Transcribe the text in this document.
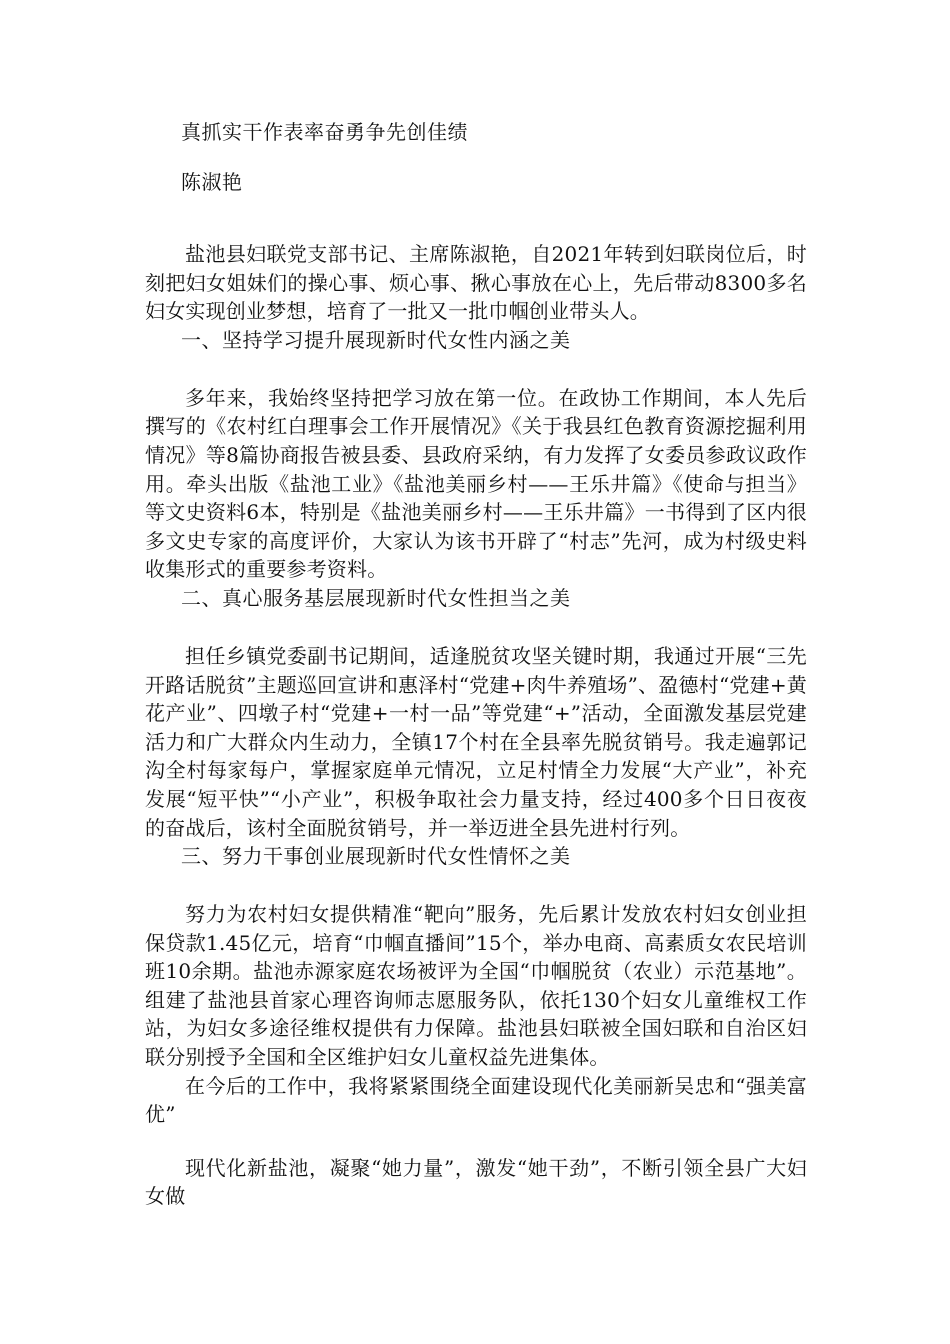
真抓实干作表率奋勇争先创佳绩
陈淑艳

盐池县妇联党支部书记、主席陈淑艳，自2021年转到妇联岗位后，时刻把妇女姐妹们的操心事、烦心事、揪心事放在心上，先后带动8300多名妇女实现创业梦想，培育了一批又一批巾帼创业带头人。

一、坚持学习提升展现新时代女性内涵之美

多年来，我始终坚持把学习放在第一位。在政协工作期间，本人先后撰写的《农村红白理事会工作开展情况》《关于我县红色教育资源挖掘利用情况》等8篇协商报告被县委、县政府采纳，有力发挥了女委员参政议政作用。牵头出版《盐池工业》《盐池美丽乡村——王乐井篇》《使命与担当》等文史资料6本，特别是《盐池美丽乡村——王乐井篇》一书得到了区内很多文史专家的高度评价，大家认为该书开辟了“村志”先河，成为村级史料收集形式的重要参考资料。

二、真心服务基层展现新时代女性担当之美

担任乡镇党委副书记期间，适逢脱贫攻坚关键时期，我通过开展“三先开路话脱贫”主题巡回宣讲和惠泽村“党建+肉牛养殖场”、盈德村“党建+黄花产业”、四墩子村“党建+一村一品”等党建“+”活动，全面激发基层党建活力和广大群众内生动力，全镇17个村在全县率先脱贫销号。我走遍郭记沟全村每家每户，掌握家庭单元情况，立足村情全力发展“大产业”，补充发展“短平快”“小产业”，积极争取社会力量支持，经过400多个日日夜夜的奋战后，该村全面脱贫销号，并一举迈进全县先进村行列。

三、努力干事创业展现新时代女性情怀之美

努力为农村妇女提供精准“靶向”服务，先后累计发放农村妇女创业担保贷款1.45亿元，培育“巾帼直播间”15个，举办电商、高素质女农民培训班10余期。盐池赤源家庭农场被评为全国“巾帼脱贫（农业）示范基地”。组建了盐池县首家心理咨询师志愿服务队，依托130个妇女儿童维权工作站，为妇女多途径维权提供有力保障。盐池县妇联被全国妇联和自治区妇联分别授予全国和全区维护妇女儿童权益先进集体。

在今后的工作中，我将紧紧围绕全面建设现代化美丽新吴忠和“强美富优”

现代化新盐池，凝聚“她力量”，激发“她干劲”，不断引领全县广大妇女做
